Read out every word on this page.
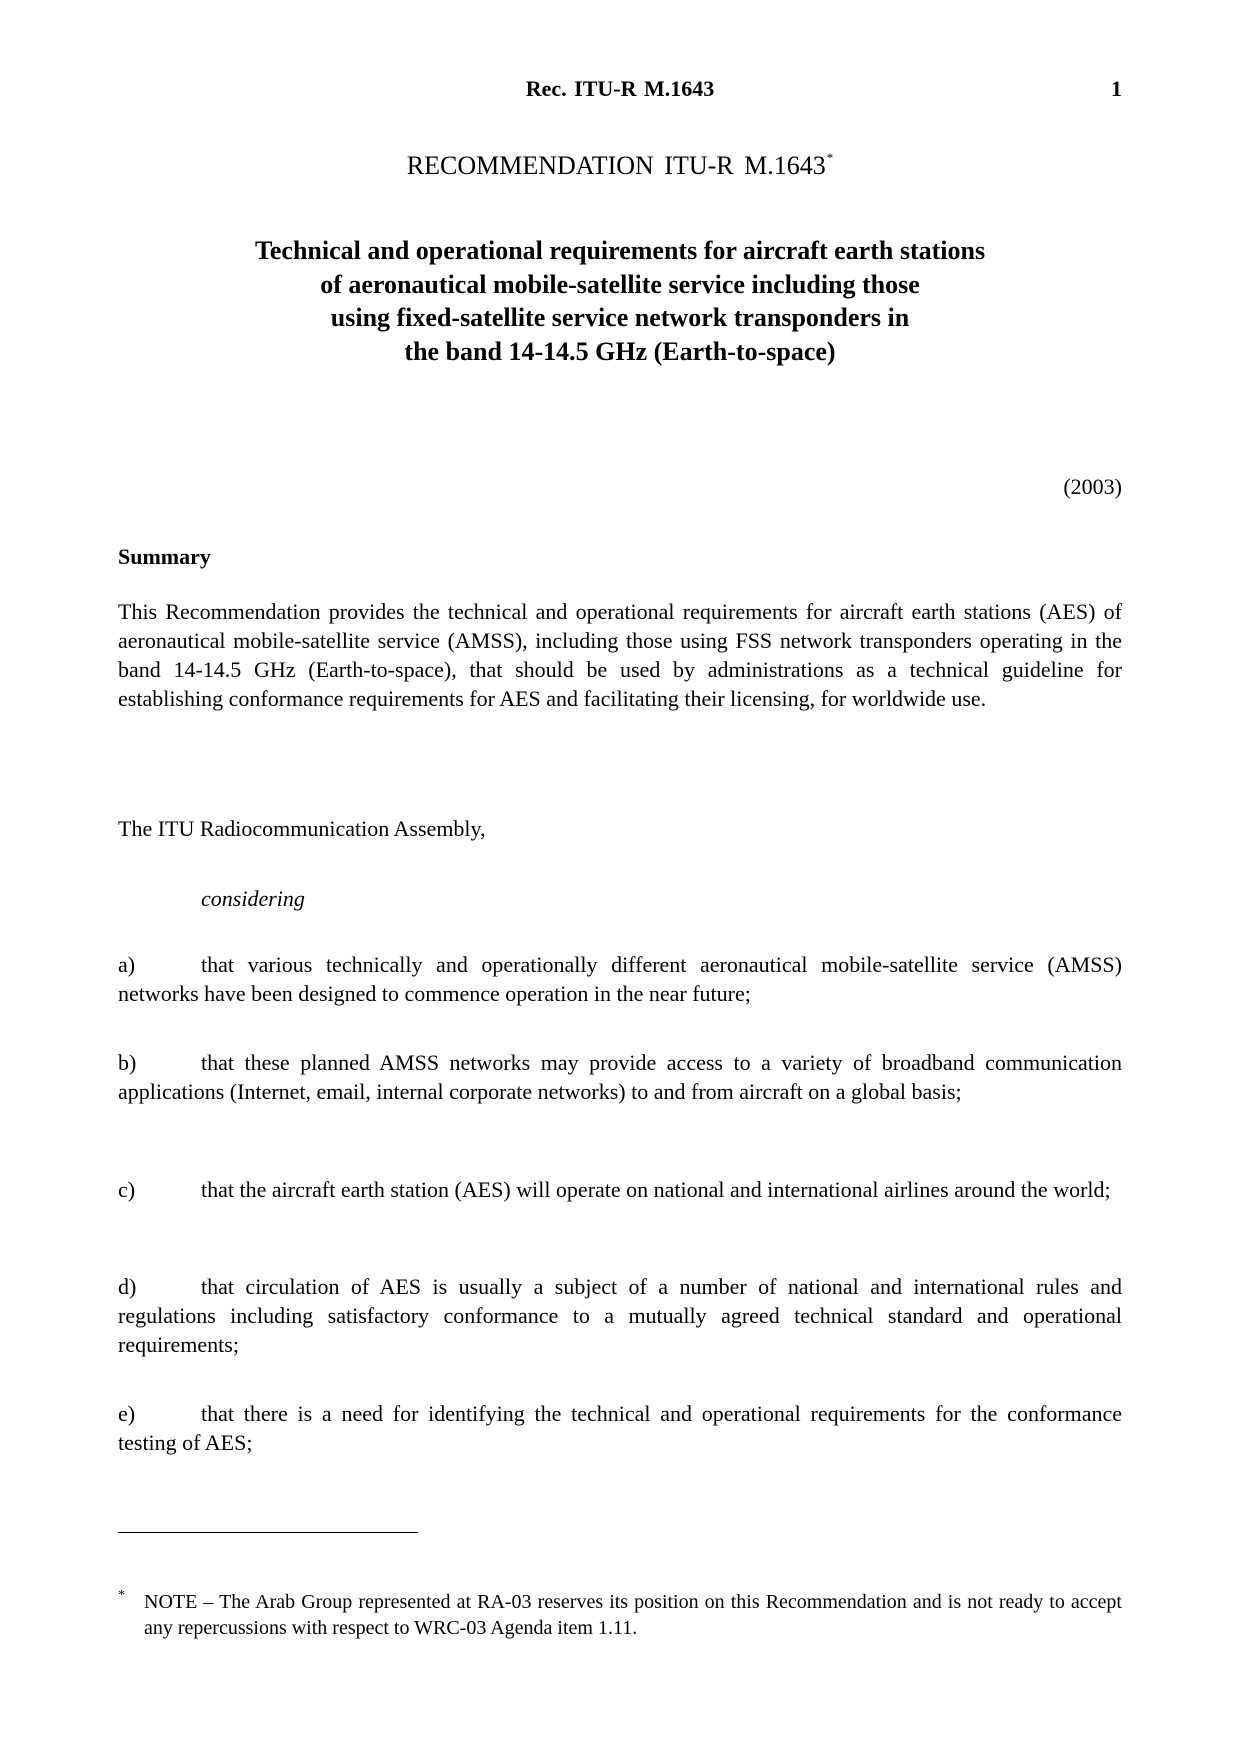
Rec. ITU-R M.1643	1
RECOMMENDATION ITU-R M.1643*
Technical and operational requirements for aircraft earth stations
of aeronautical mobile-satellite service including those
using fixed-satellite service network transponders in
the band 14-14.5 GHz (Earth-to-space)
(2003)
Summary
This Recommendation provides the technical and operational requirements for aircraft earth stations (AES) of aeronautical mobile-satellite service (AMSS), including those using FSS network transponders operating in the band 14-14.5 GHz (Earth-to-space), that should be used by administrations as a technical guideline for establishing conformance requirements for AES and facilitating their licensing, for worldwide use.
The ITU Radiocommunication Assembly,
considering
a)	that various technically and operationally different aeronautical mobile-satellite service (AMSS) networks have been designed to commence operation in the near future;
b)	that these planned AMSS networks may provide access to a variety of broadband communication applications (Internet, email, internal corporate networks) to and from aircraft on a global basis;
c)	that the aircraft earth station (AES) will operate on national and international airlines around the world;
d)	that circulation of AES is usually a subject of a number of national and international rules and regulations including satisfactory conformance to a mutually agreed technical standard and operational requirements;
e)	that there is a need for identifying the technical and operational requirements for the conformance testing of AES;
* NOTE – The Arab Group represented at RA-03 reserves its position on this Recommendation and is not ready to accept any repercussions with respect to WRC-03 Agenda item 1.11.
